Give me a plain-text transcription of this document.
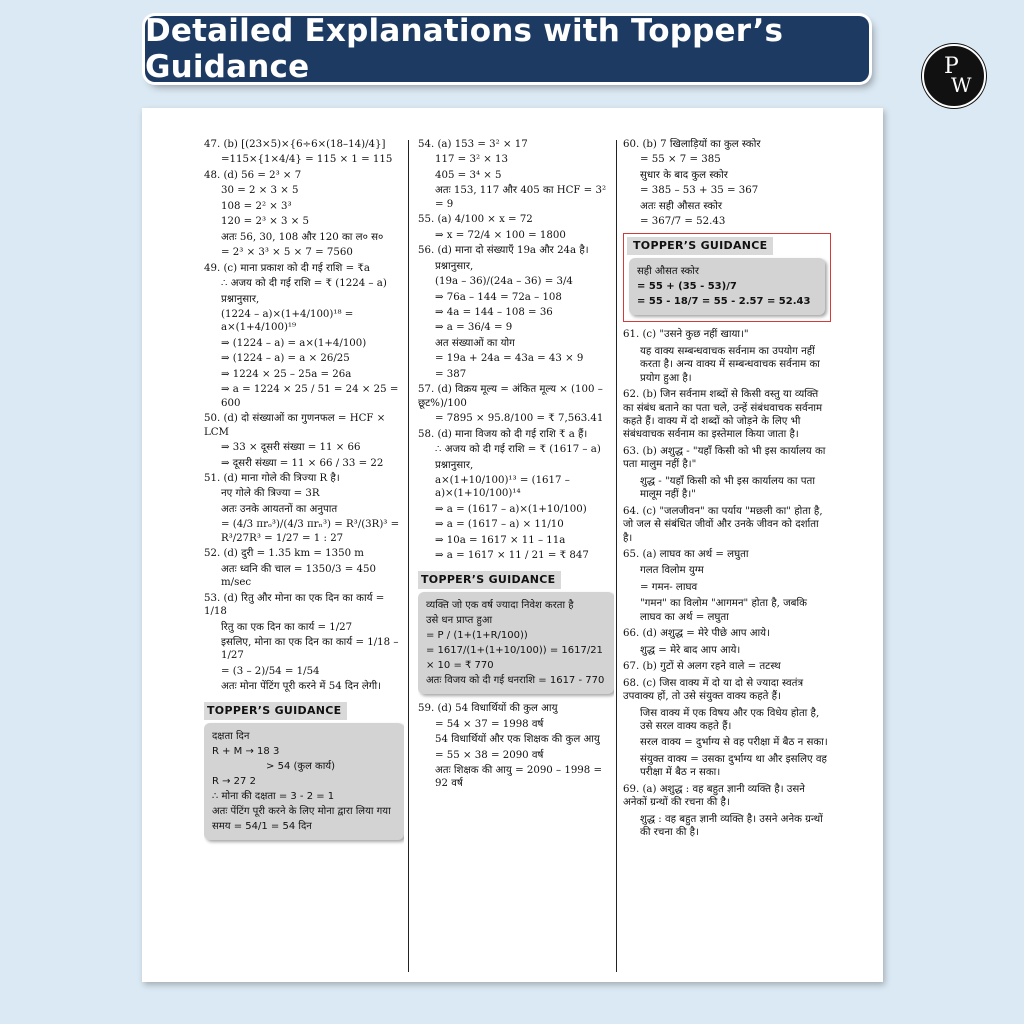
Detailed Explanations with Topper’s Guidance	P
W
47. (b) [(23×5)×{6÷6×(18–14)/4}]
=115×{1×4/4} = 115 × 1 = 115
48. (d) 56 = 2³ × 7
30 = 2 × 3 × 5
108 = 2² × 3³
120 = 2³ × 3 × 5
अतः 56, 30, 108 और 120 का ल० स०
= 2³ × 3³ × 5 × 7 = 7560
49. (c) माना प्रकाश को दी गई राशि = ₹a
∴ अजय को दी गई राशि = ₹ (1224 – a)
प्रश्नानुसार,
(1224 – a)×(1+4/100)¹⁸ = a×(1+4/100)¹⁹
⇒ (1224 – a) = a×(1+4/100)
⇒ (1224 – a) = a × 26/25
⇒ 1224 × 25 – 25a = 26a
⇒ a = 1224 × 25 / 51 = 24 × 25 = 600
50. (d) दो संख्याओं का गुणनफल = HCF × LCM
⇒ 33 × दूसरी संख्या = 11 × 66
⇒ दूसरी संख्या = 11 × 66 / 33 = 22
51. (d) माना गोले की त्रिज्या R है।
नए गोले की त्रिज्या = 3R
अतः उनके आयतनों का अनुपात
= (4/3 πrₒ³)/(4/3 πrₙ³) = R³/(3R)³ = R³/27R³ = 1/27 = 1 : 27
52. (d) दुरी = 1.35 km = 1350 m
अतः ध्वनि की चाल = 1350/3 = 450 m/sec
53. (d) रितु और मोना का एक दिन का कार्य = 1/18
रितु का एक दिन का कार्य = 1/27
इसलिए, मोना का एक दिन का कार्य = 1/18 – 1/27
= (3 – 2)/54 = 1/54
अतः मोना पेंटिंग पूरी करने में 54 दिन लेगी।
TOPPER’S GUIDANCE
दक्षता दिन
R + M → 18 3
> 54 (कुल कार्य)
R → 27 2
∴ मोना की दक्षता = 3 - 2 = 1
अतः पेंटिंग पूरी करने के लिए मोना द्वारा लिया गया
समय = 54/1 = 54 दिन
54. (a) 153 = 3² × 17
117 = 3² × 13
405 = 3⁴ × 5
अतः 153, 117 और 405 का HCF = 3² = 9
55. (a) 4/100 × x = 72
⇒ x = 72/4 × 100 = 1800
56. (d) माना दो संख्याएँ 19a और 24a है।
प्रश्नानुसार,
(19a – 36)/(24a – 36) = 3/4
⇒ 76a – 144 = 72a – 108
⇒ 4a = 144 – 108 = 36
⇒ a = 36/4 = 9
अत संख्याओं का योग
= 19a + 24a = 43a = 43 × 9
= 387
57. (d) विक्रय मूल्य = अंकित मूल्य × (100 – छूट%)/100
= 7895 × 95.8/100 = ₹ 7,563.41
58. (d) माना विजय को दी गई राशि ₹ a हैं।
∴ अजय को दी गई राशि = ₹ (1617 – a)
प्रश्नानुसार,
a×(1+10/100)¹³ = (1617 – a)×(1+10/100)¹⁴
⇒ a = (1617 – a)×(1+10/100)
⇒ a = (1617 – a) × 11/10
⇒ 10a = 1617 × 11 – 11a
⇒ a = 1617 × 11 / 21 = ₹ 847
TOPPER’S GUIDANCE
व्यक्ति जो एक वर्ष ज्यादा निवेश करता है
उसे धन प्राप्त हुआ
= P / (1+(1+R/100))
= 1617/(1+(1+10/100)) = 1617/21 × 10 = ₹ 770
अतः विजय को दी गई धनराशि = 1617 - 770
59. (d) 54 विधार्थियों की कुल आयु
= 54 × 37 = 1998 वर्ष
54 विधार्थियों और एक शिक्षक की कुल आयु
= 55 × 38 = 2090 वर्ष
अतः शिक्षक की आयु = 2090 – 1998 = 92 वर्ष
60. (b) 7 खिलाड़ियों का कुल स्कोर
= 55 × 7 = 385
सुधार के बाद कुल स्कोर
= 385 – 53 + 35 = 367
अतः सही औसत स्कोर
= 367/7 = 52.43
TOPPER’S GUIDANCE
सही औसत स्कोर
= 55 + (35 - 53)/7
= 55 - 18/7 = 55 - 2.57 = 52.43
61. (c) "उसने कुछ नहीं खाया।"
यह वाक्य सम्बन्धवाचक सर्वनाम का उपयोग नहीं करता है। अन्य वाक्य में सम्बन्धवाचक सर्वनाम का प्रयोग हुआ है।
62. (b) जिन सर्वनाम शब्दों से किसी वस्तु या व्यक्ति का संबंध बताने का पता चले, उन्हें संबंधवाचक सर्वनाम कहते हैं। वाक्य में दो शब्दों को जोड़ने के लिए भी संबंधवाचक सर्वनाम का इस्तेमाल किया जाता है।
63. (b) अशुद्ध - "यहाँ किसी को भी इस कार्यालय का पता मालुम नहीं है।"
शुद्ध - "यहाँ किसी को भी इस कार्यालय का पता मालूम नहीं है।"
64. (c) "जलजीवन" का पर्याय "मछली का" होता है, जो जल से संबंधित जीवों और उनके जीवन को दर्शाता है।
65. (a) लाघव का अर्थ = लघुता
गलत विलोम युग्म
= गमन- लाघव
"गमन" का विलोम "आगमन" होता है, जबकि लाघव का अर्थ = लघुता
66. (d) अशुद्ध = मेरे पीछे आप आये।
शुद्ध = मेरे बाद आप आये।
67. (b) गुटों से अलग रहने वाले = तटस्थ
68. (c) जिस वाक्य में दो या दो से ज्यादा स्वतंत्र उपवाक्य हों, तो उसे संयुक्त वाक्य कहते हैं।
जिस वाक्य में एक विषय और एक विधेय होता है, उसे सरल वाक्य कहते हैं।
सरल वाक्य = दुर्भाग्य से वह परीक्षा में बैठ न सका।
संयुक्त वाक्य = उसका दुर्भाग्य था और इसलिए वह परीक्षा में बैठ न सका।
69. (a) अशुद्ध : वह बहुत ज्ञानी व्यक्ति है। उसने अनेकों ग्रन्थों की रचना की है।
शुद्ध : वह बहुत ज्ञानी व्यक्ति है। उसने अनेक ग्रन्थों की रचना की है।
